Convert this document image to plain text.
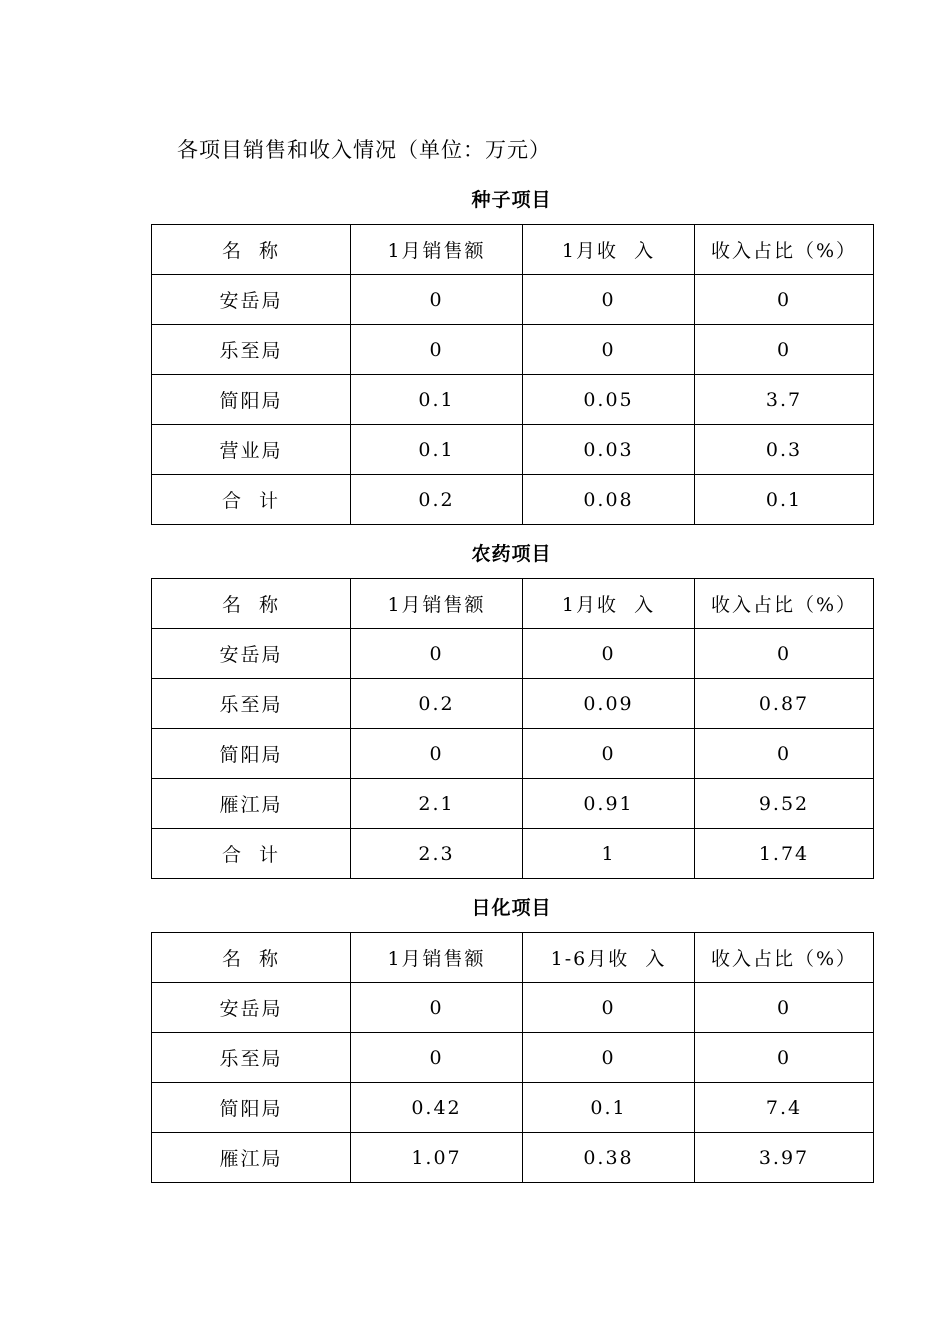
各项目销售和收入情况（单位：万元）
种子项目
名  称	1月销售额	1月收  入	收入占比（%）
安岳局	0	0	0
乐至局	0	0	0
简阳局	0.1	0.05	3.7
营业局	0.1	0.03	0.3
合  计	0.2	0.08	0.1
农药项目
名  称	1月销售额	1月收  入	收入占比（%）
安岳局	0	0	0
乐至局	0.2	0.09	0.87
简阳局	0	0	0
雁江局	2.1	0.91	9.52
合  计	2.3	1	1.74
日化项目
名  称	1月销售额	1-6月收  入	收入占比（%）
安岳局	0	0	0
乐至局	0	0	0
简阳局	0.42	0.1	7.4
雁江局	1.07	0.38	3.97
